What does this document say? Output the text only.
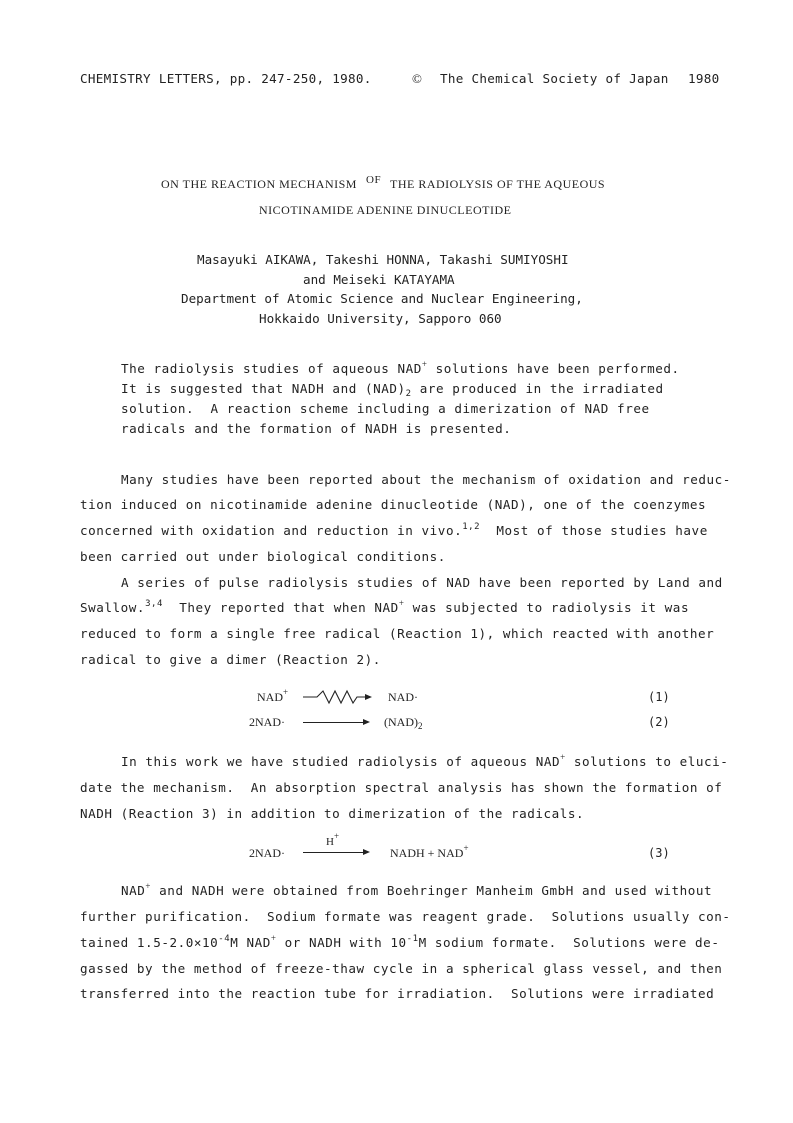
CHEMISTRY LETTERS, pp. 247-250, 1980.	© The Chemical Society of Japan 1980
ON THE REACTION MECHANISM OF THE RADIOLYSIS OF THE AQUEOUS
NICOTINAMIDE ADENINE DINUCLEOTIDE
Masayuki AIKAWA, Takeshi HONNA, Takashi SUMIYOSHI
and Meiseki KATAYAMA
Department of Atomic Science and Nuclear Engineering,
Hokkaido University, Sapporo 060
The radiolysis studies of aqueous NAD+ solutions have been performed.
It is suggested that NADH and $(NAD)_2$ are produced in the irradiated
solution.  A reaction scheme including a dimerization of NAD free
radicals and the formation of NADH is presented.
Many studies have been reported about the mechanism of oxidation and reduc-
tion induced on nicotinamide adenine dinucleotide (NAD), one of the coenzymes
concerned with oxidation and reduction in vivo.$^{1,2}$  Most of those studies have
been carried out under biological conditions.
A series of pulse radiolysis studies of NAD have been reported by Land and
Swallow.$^{3,4}$  They reported that when NAD+ was subjected to radiolysis it was
reduced to form a single free radical (Reaction 1), which reacted with another
radical to give a dimer (Reaction 2).
NAD+	NAD·	(1)
2NAD·	$(NAD)_2$	(2)
In this work we have studied radiolysis of aqueous NAD+ solutions to eluci-
date the mechanism.  An absorption spectral analysis has shown the formation of
NADH (Reaction 3) in addition to dimerization of the radicals.
2NAD·
H+
NADH + NAD+	(3)
NAD+ and NADH were obtained from Boehringer Manheim GmbH and used without
further purification.  Sodium formate was reagent grade.  Solutions usually con-
tained $1.5-2.0\times 10^{-4}M$ NAD+ or NADH with $10^{-1}M$ sodium formate.  Solutions were de-
gassed by the method of freeze-thaw cycle in a spherical glass vessel, and then
transferred into the reaction tube for irradiation.  Solutions were irradiated
